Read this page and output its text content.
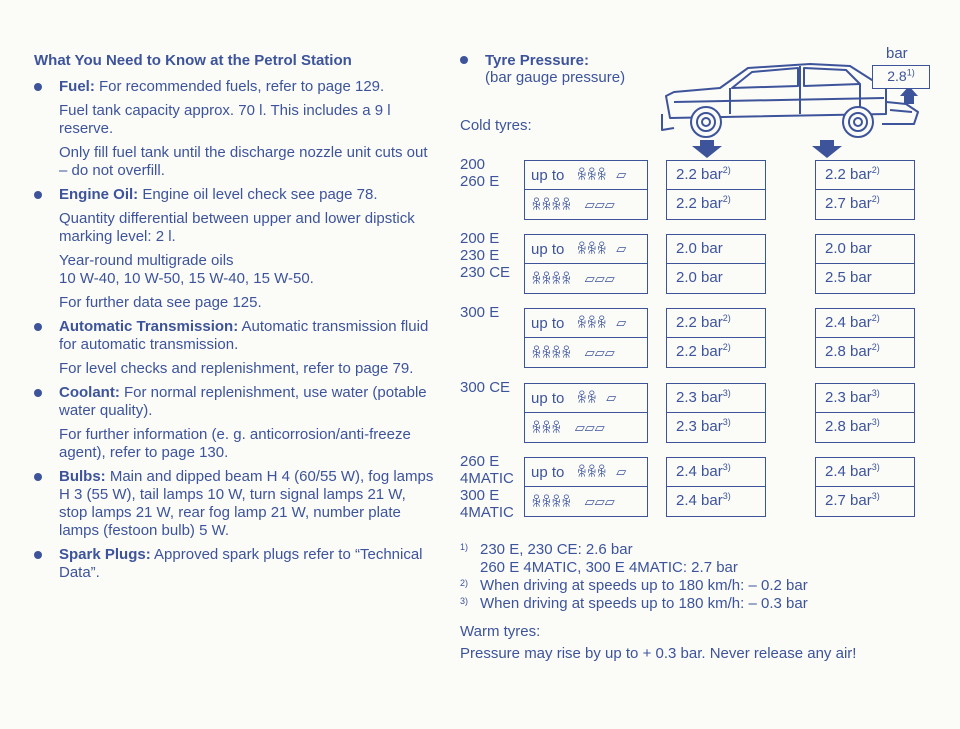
What You Need to Know at the Petrol Station
Fuel: For recommended fuels, refer to page 129.
Fuel tank capacity approx. 70 l. This includes a 9 l reserve.
Only fill fuel tank until the discharge nozzle unit cuts out – do not overfill.
Engine Oil: Engine oil level check see page 78.
Quantity differential between upper and lower dipstick marking level: 2 l.
Year-round multigrade oils
10 W-40, 10 W-50, 15 W-40, 15 W-50.
For further data see page 125.
Automatic Transmission: Automatic transmission fluid for automatic transmission.
For level checks and replenishment, refer to page 79.
Coolant: For normal replenishment, use water (potable water quality).
For further information (e. g. anticorrosion/anti-freeze agent), refer to page 130.
Bulbs: Main and dipped beam H 4 (60/55 W), fog lamps H 3 (55 W), tail lamps 10 W, turn signal lamps 21 W, stop lamps 21 W, rear fog lamp 21 W, number plate lamps (festoon bulb) 5 W.
Spark Plugs: Approved spark plugs refer to “Technical Data”.
Tyre Pressure:
(bar gauge pressure)
Cold tyres:
bar
2.8$^{1)}$
200
260 E up to ꆜꆜꆜ ▱
ꆜꆜꆜꆜ ▱▱▱
2.2 bar$^{2)}$
2.2 bar$^{2)}$
2.2 bar$^{2)}$
2.7 bar$^{2)}$
200 E
230 E
230 CE
up to ꆜꆜꆜ ▱
ꆜꆜꆜꆜ ▱▱▱
2.0 bar
2.0 bar
2.0 bar
2.5 bar
300 E
up to ꆜꆜꆜ ▱
ꆜꆜꆜꆜ ▱▱▱
2.2 bar$^{2)}$
2.2 bar$^{2)}$
2.4 bar$^{2)}$
2.8 bar$^{2)}$
300 CE
up to ꆜꆜ ▱
ꆜꆜꆜ ▱▱▱
2.3 bar$^{3)}$
2.3 bar$^{3)}$
2.3 bar$^{3)}$
2.8 bar$^{3)}$
260 E
4MATIC
300 E
4MATIC
up to ꆜꆜꆜ ▱
ꆜꆜꆜꆜ ▱▱▱
2.4 bar$^{3)}$
2.4 bar$^{3)}$
2.4 bar$^{3)}$
2.7 bar$^{3)}$
1) 230 E, 230 CE: 2.6 bar
260 E 4MATIC, 300 E 4MATIC: 2.7 bar
2) When driving at speeds up to 180 km/h: – 0.2 bar
3) When driving at speeds up to 180 km/h: – 0.3 bar
Warm tyres:
Pressure may rise by up to + 0.3 bar. Never release any air!
